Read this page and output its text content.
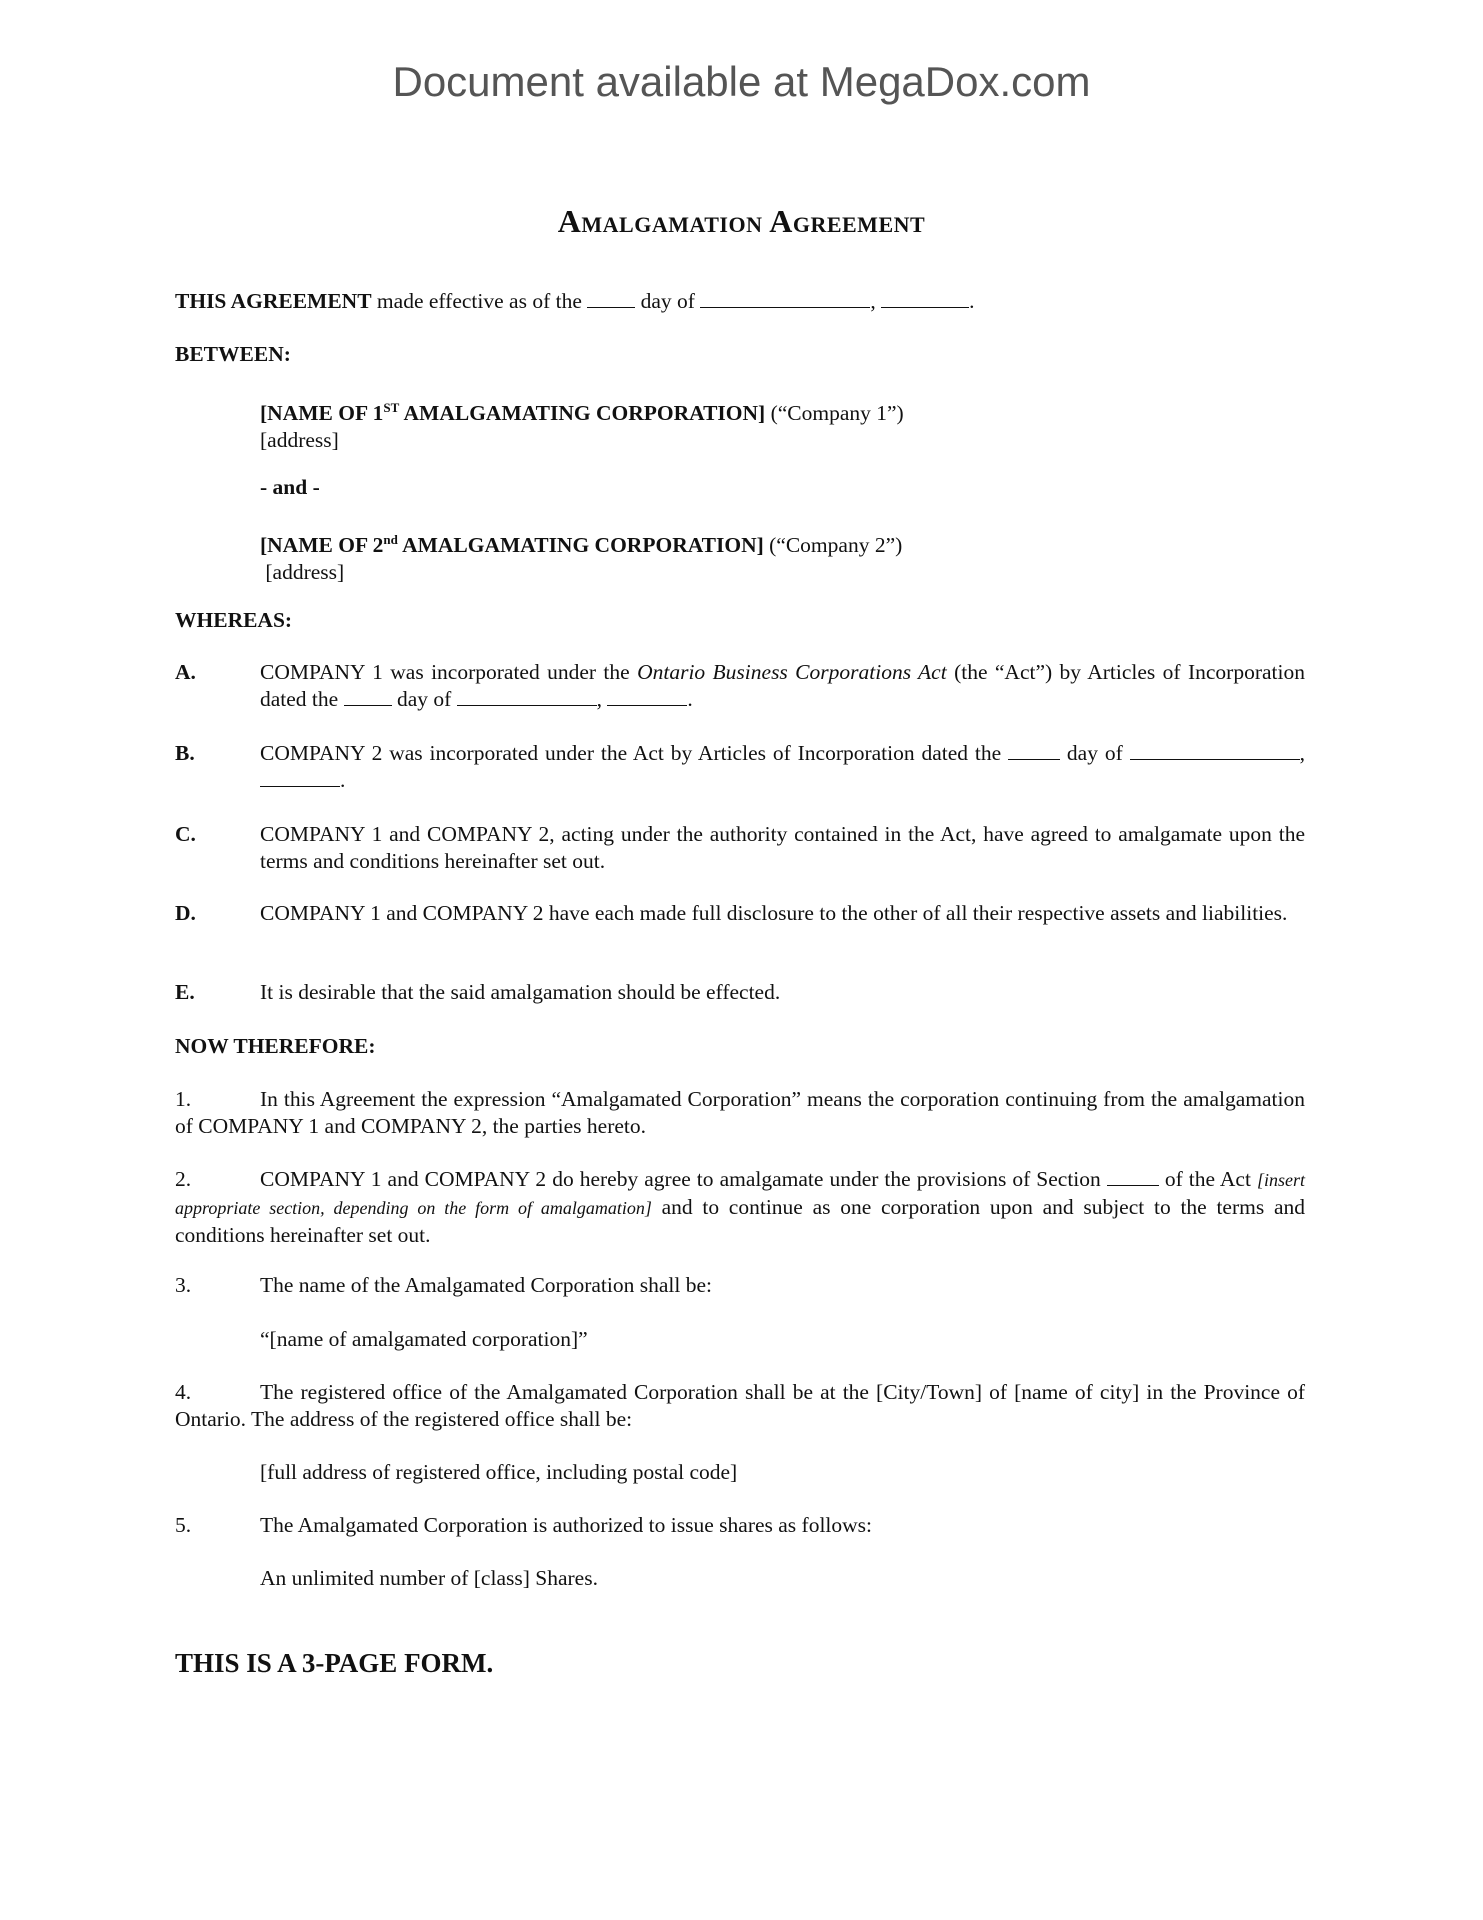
Document available at MegaDox.com
Amalgamation Agreement
THIS AGREEMENT made effective as of the  day of	,	.
BETWEEN:
[NAME OF 1ST AMALGAMATING CORPORATION] (“Company 1”)
[address]
- and -
[NAME OF 2nd AMALGAMATING CORPORATION] (“Company 2”)
[address]
WHEREAS:
A.	COMPANY 1 was incorporated under the Ontario Business Corporations Act (the “Act”) by Articles of Incorporation dated the  day of	,	.
B.	COMPANY 2 was incorporated under the Act by Articles of Incorporation dated the  day of	, .
C.	COMPANY 1 and COMPANY 2, acting under the authority contained in the Act, have agreed to amalgamate upon the terms and conditions hereinafter set out.
D.	COMPANY 1 and COMPANY 2 have each made full disclosure to the other of all their respective assets and liabilities.
E.	It is desirable that the said amalgamation should be effected.
NOW THEREFORE:
1.	In this Agreement the expression “Amalgamated Corporation” means the corporation continuing from the amalgamation of COMPANY 1 and COMPANY 2, the parties hereto.
2.	COMPANY 1 and COMPANY 2 do hereby agree to amalgamate under the provisions of Section  of the Act [insert appropriate section, depending on the form of amalgamation] and to continue as one corporation upon and subject to the terms and conditions hereinafter set out.
3.	The name of the Amalgamated Corporation shall be:
“[name of amalgamated corporation]”
4.	The registered office of the Amalgamated Corporation shall be at the [City/Town] of [name of city] in the Province of Ontario. The address of the registered office shall be:
[full address of registered office, including postal code]
5.	The Amalgamated Corporation is authorized to issue shares as follows:
An unlimited number of [class] Shares.
THIS IS A 3-PAGE FORM.
